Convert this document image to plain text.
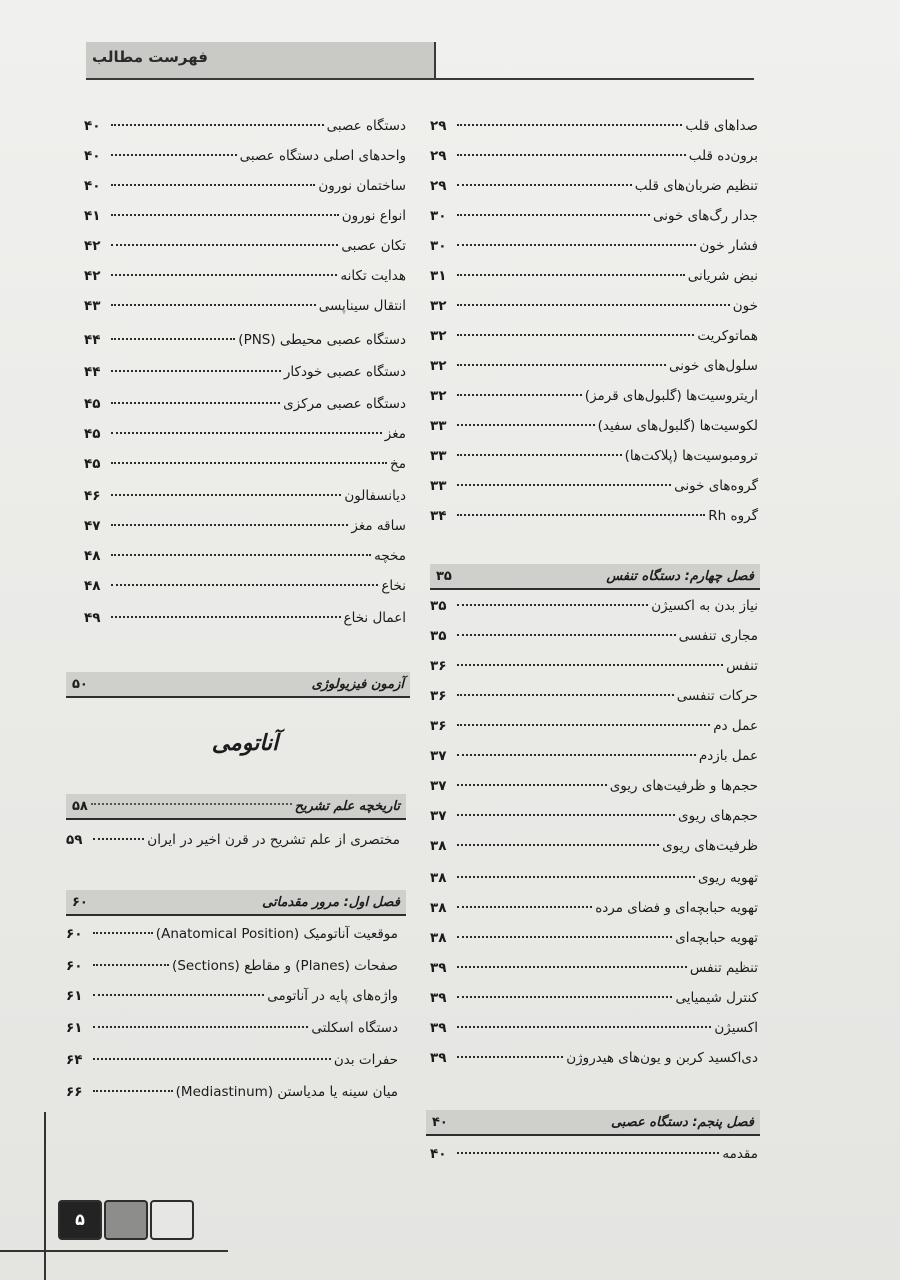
فهرست مطالب
صداهای قلب
۲۹
برون‌ده قلب
۲۹
تنظیم ضربان‌های قلب
۲۹
جدار رگ‌های خونی
۳۰
فشار خون
۳۰
نبض شریانی
۳۱
خون
۳۲
هماتوکریت
۳۲
سلول‌های خونی
۳۲
اریتروسیت‌ها (گلبول‌های قرمز)
۳۲
لکوسیت‌ها (گلبول‌های سفید)
۳۳
ترومبوسیت‌ها (پلاکت‌ها)
۳۳
گروه‌های خونی
۳۳
گروه Rh
۳۴
فصل چهارم: دستگاه تنفس
۳۵
نیاز بدن به اکسیژن
۳۵
مجاری تنفسی
۳۵
تنفس
۳۶
حرکات تنفسی
۳۶
عمل دم
۳۶
عمل بازدم
۳۷
حجم‌ها و ظرفیت‌های ریوی
۳۷
حجم‌های ریوی
۳۷
ظرفیت‌های ریوی
۳۸
تهویه ریوی
۳۸
تهویه حبابچه‌ای و فضای مرده
۳۸
تهویه حبابچه‌ای
۳۸
تنظیم تنفس
۳۹
کنترل شیمیایی
۳۹
اکسیژن
۳۹
دی‌اکسید کربن و یون‌های هیدروژن
۳۹
فصل پنجم: دستگاه عصبی
۴۰
مقدمه
۴۰
دستگاه عصبی
۴۰
واحدهای اصلی دستگاه عصبی
۴۰
ساختمان نورون
۴۰
انواع نورون
۴۱
تکان عصبی
۴۲
هدایت تکانه
۴۲
انتقال سیناپسی
۴۳
دستگاه عصبی محیطی (PNS)
۴۴
دستگاه عصبی خودکار
۴۴
دستگاه عصبی مرکزی
۴۵
مغز
۴۵
مخ
۴۵
دیانسفالون
۴۶
ساقه مغز
۴۷
مخچه
۴۸
نخاع
۴۸
اعمال نخاع
۴۹
آزمون فیزیولوژی
۵۰
آناتومی
تاریخچه علم تشریح
۵۸
مختصری از علم تشریح در قرن اخیر در ایران
۵۹
فصل اول: مرور مقدماتی
۶۰
موقعیت آناتومیک (Anatomical Position)
۶۰
صفحات (Planes) و مقاطع (Sections)
۶۰
واژه‌های پایه در آناتومی
۶۱
دستگاه اسکلتی
۶۱
حفرات بدن
۶۴
میان سینه یا مدیاستن (Mediastinum)
۶۶
۵
